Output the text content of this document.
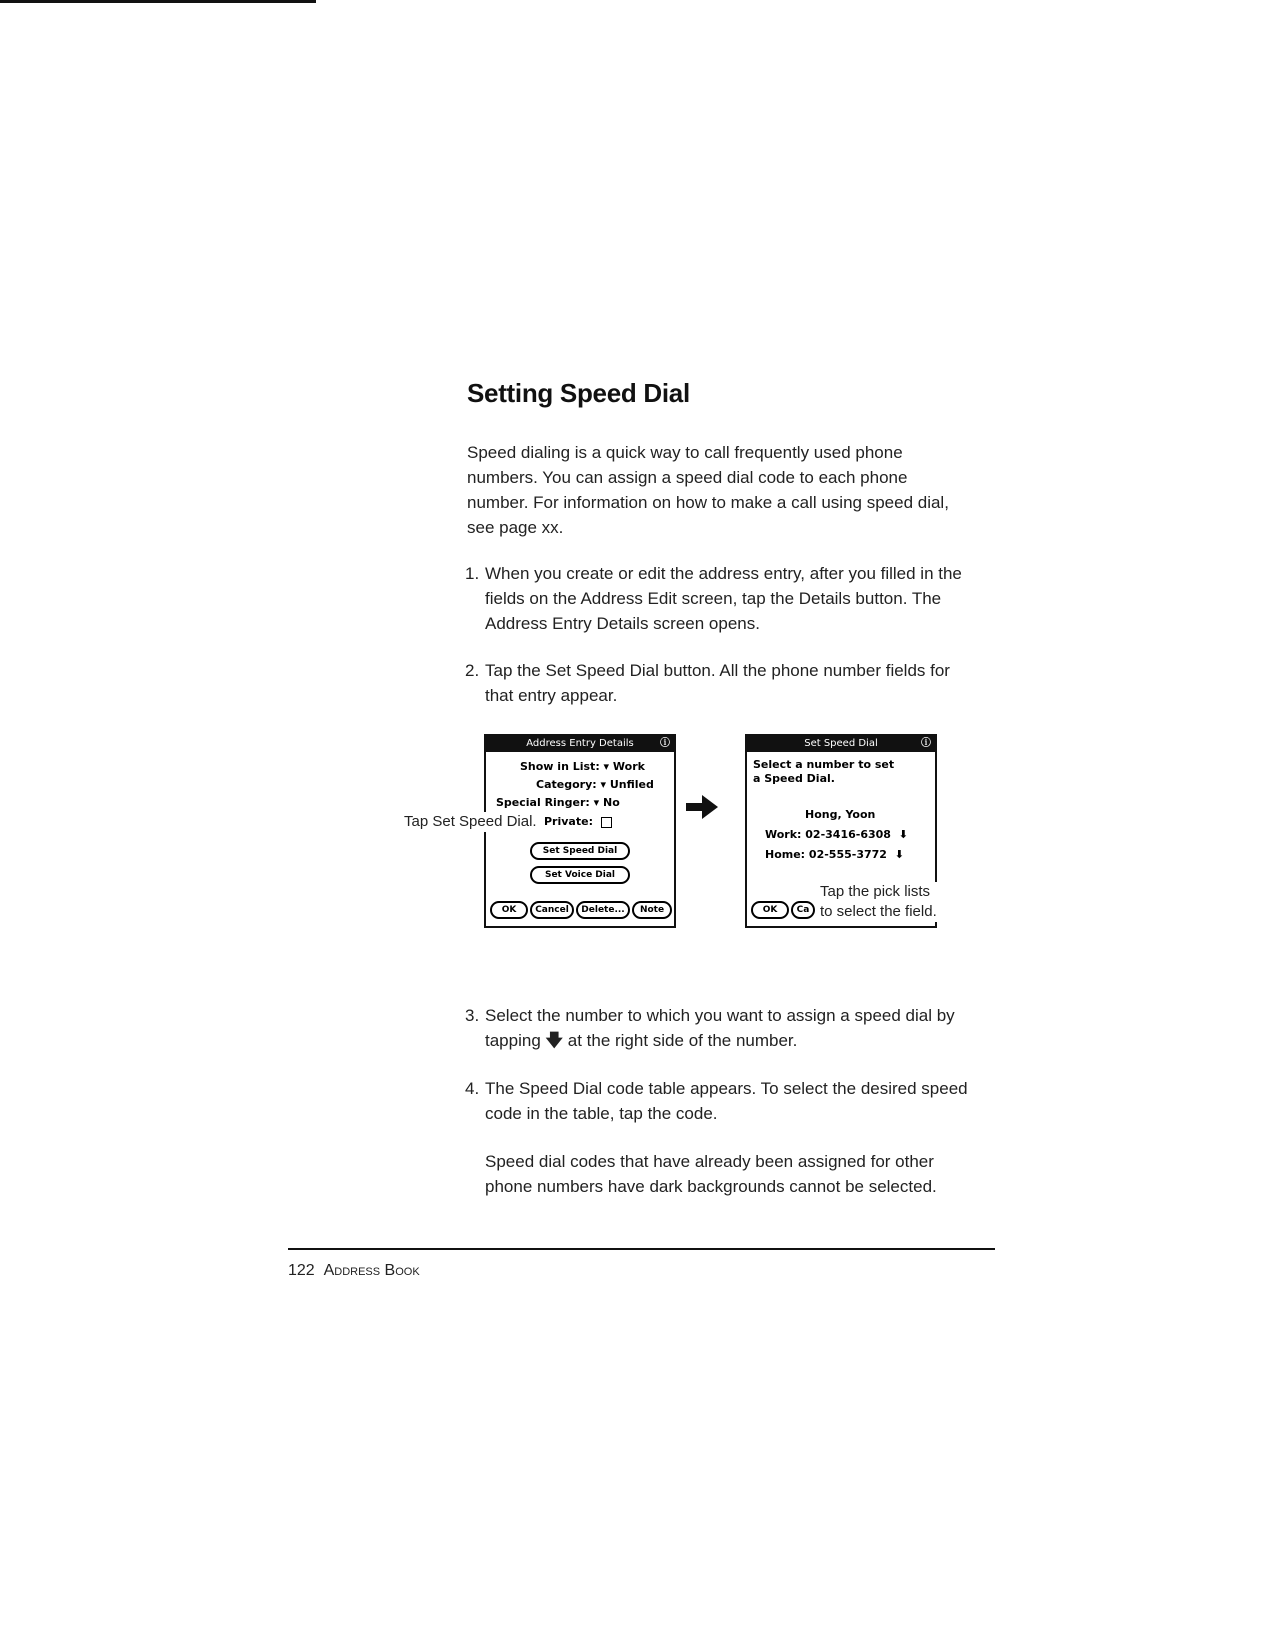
Setting Speed Dial
Speed dialing is a quick way to call frequently used phone numbers. You can assign a speed dial code to each phone number. For information on how to make a call using speed dial, see page xx.
1. When you create or edit the address entry, after you filled in the fields on the Address Edit screen, tap the Details button. The Address Entry Details screen opens.
2. Tap the Set Speed Dial button. All the phone number fields for that entry appear.
Address Entry Details	ⓘ
Show in List: ▾ Work
Category: ▾ Unfiled
Special Ringer: ▾ No
Private:
Set Speed Dial
Set Voice Dial
OK	Cancel	Delete...	Note
Tap Set Speed Dial.
Set Speed Dial	ⓘ
Select a number to set
a Speed Dial.
Hong, Yoon
Work: 02-3416-6308 ⬇
Home: 02-555-3772 ⬇
OK	Ca
Tap the pick lists
to select the field.
3. Select the number to which you want to assign a speed dial by tapping 🡇 at the right side of the number.
4. The Speed Dial code table appears. To select the desired speed code in the table, tap the code.
Speed dial codes that have already been assigned for other phone numbers have dark backgrounds cannot be selected.
122 Address Book
